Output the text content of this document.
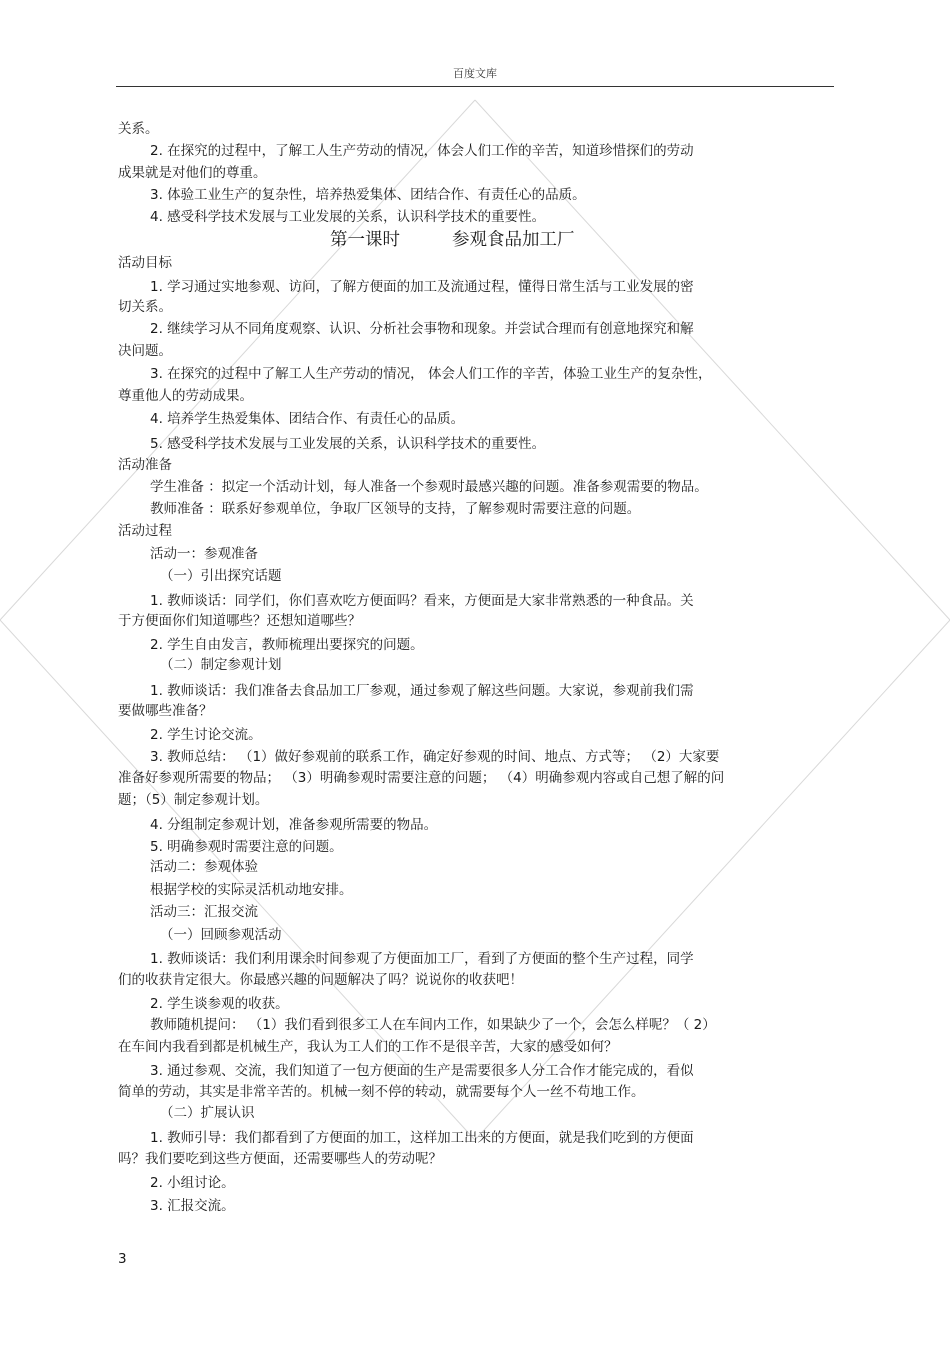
百度文库
关系。
2. 在探究的过程中，了解工人生产劳动的情况，体会人们工作的辛苦，知道珍惜探们的劳动
成果就是对他们的尊重。
3. 体验工业生产的复杂性，培养热爱集体、团结合作、有责任心的品质。
4. 感受科学技术发展与工业发展的关系，认识科学技术的重要性。
活动目标
1. 学习通过实地参观、访问，了解方便面的加工及流通过程，懂得日常生活与工业发展的密
切关系。
2. 继续学习从不同角度观察、认识、分析社会事物和现象。并尝试合理而有创意地探究和解
决问题。
3. 在探究的过程中了解工人生产劳动的情况， 体会人们工作的辛苦，体验工业生产的复杂性，
尊重他人的劳动成果。
4. 培养学生热爱集体、团结合作、有责任心的品质。
5. 感受科学技术发展与工业发展的关系，认识科学技术的重要性。
活动准备
学生准备 ：拟定一个活动计划，每人准备一个参观时最感兴趣的问题。准备参观需要的物品。
教师准备 ：联系好参观单位，争取厂区领导的支持，了解参观时需要注意的问题。
活动过程
活动一：参观准备
（一）引出探究话题
1. 教师谈话：同学们，你们喜欢吃方便面吗？看来，方便面是大家非常熟悉的一种食品。关
于方便面你们知道哪些？还想知道哪些？
2. 学生自由发言，教师梳理出要探究的问题。
（二）制定参观计划
1. 教师谈话：我们准备去食品加工厂参观，通过参观了解这些问题。大家说，参观前我们需
要做哪些准备？
2. 学生讨论交流。
3. 教师总结： （1）做好参观前的联系工作，确定好参观的时间、地点、方式等； （2）大家要
准备好参观所需要的物品； （3）明确参观时需要注意的问题； （4）明确参观内容或自己想了解的问
题；（5）制定参观计划。
4. 分组制定参观计划，准备参观所需要的物品。
5. 明确参观时需要注意的问题。
活动二：参观体验
根据学校的实际灵活机动地安排。
活动三：汇报交流
（一）回顾参观活动
1. 教师谈话：我们利用课余时间参观了方便面加工厂，看到了方便面的整个生产过程，同学
们的收获肯定很大。你最感兴趣的问题解决了吗？说说你的收获吧！
2. 学生谈参观的收获。
教师随机提问： （1）我们看到很多工人在车间内工作，如果缺少了一个，会怎么样呢？（ 2）
在车间内我看到都是机械生产，我认为工人们的工作不是很辛苦，大家的感受如何？
3. 通过参观、交流，我们知道了一包方便面的生产是需要很多人分工合作才能完成的，看似
简单的劳动，其实是非常辛苦的。机械一刻不停的转动，就需要每个人一丝不苟地工作。
（二）扩展认识
1. 教师引导：我们都看到了方便面的加工，这样加工出来的方便面，就是我们吃到的方便面
吗？我们要吃到这些方便面，还需要哪些人的劳动呢？
2. 小组讨论。
3. 汇报交流。
第一课时	参观食品加工厂
3
